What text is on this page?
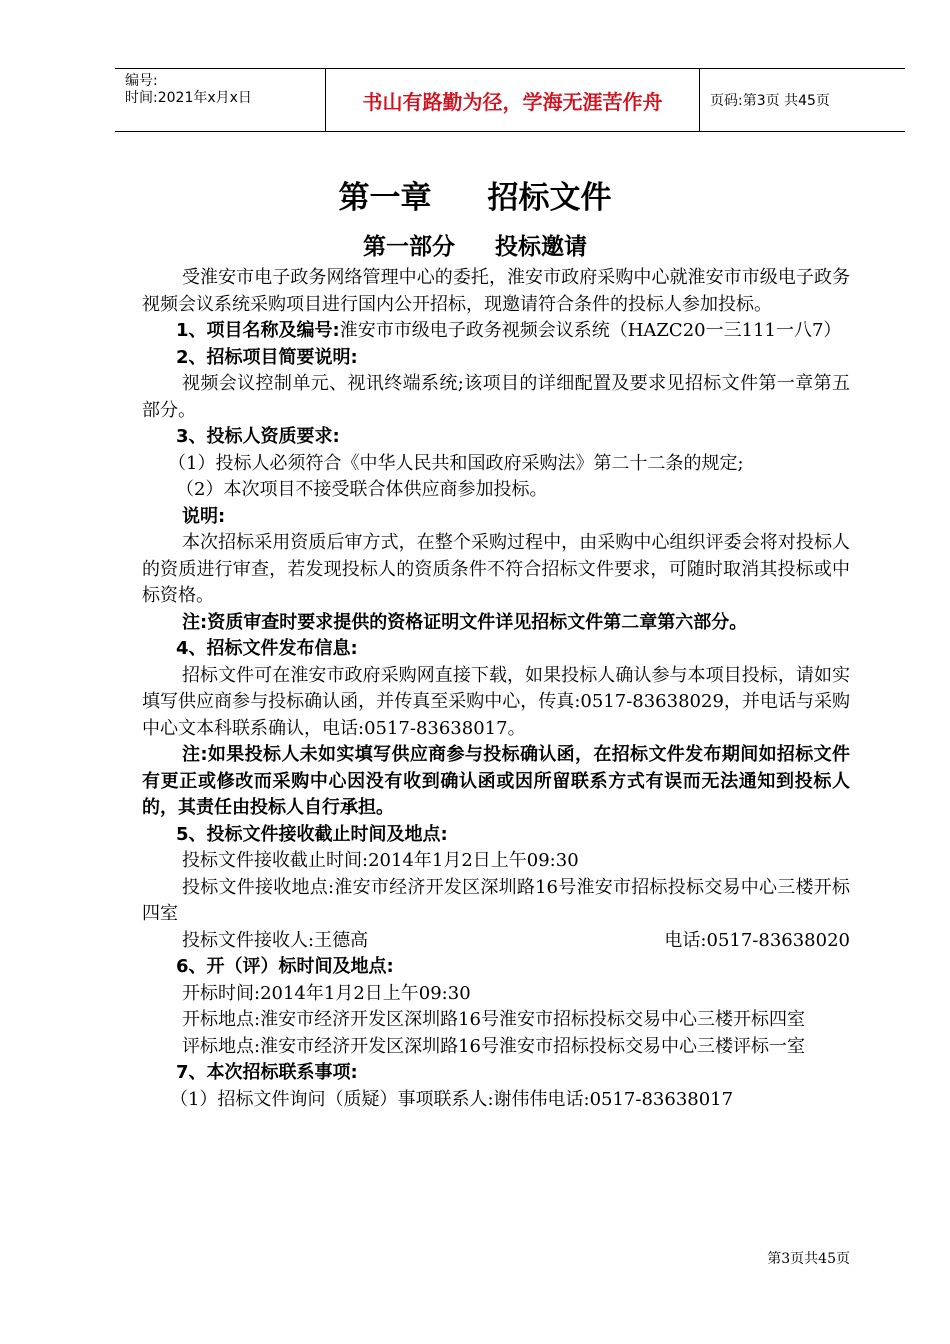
编号:
时间:2021年x月x日	书山有路勤为径，学海无涯苦作舟	页码:第3页 共45页
第一章 招标文件
第一部分 投标邀请

受淮安市电子政务网络管理中心的委托，淮安市政府采购中心就淮安市市级电子政务视频会议系统采购项目进行国内公开招标，现邀请符合条件的投标人参加投标。

1、项目名称及编号:淮安市市级电子政务视频会议系统（HAZC20一三111一八7）

2、招标项目简要说明:

视频会议控制单元、视讯终端系统;该项目的详细配置及要求见招标文件第一章第五部分。

3、投标人资质要求:

（1）投标人必须符合《中华人民共和国政府采购法》第二十二条的规定;

（2）本次项目不接受联合体供应商参加投标。

说明:

本次招标采用资质后审方式，在整个采购过程中，由采购中心组织评委会将对投标人的资质进行审查，若发现投标人的资质条件不符合招标文件要求，可随时取消其投标或中标资格。

注:资质审查时要求提供的资格证明文件详见招标文件第二章第六部分。

4、招标文件发布信息:

招标文件可在淮安市政府采购网直接下载，如果投标人确认参与本项目投标，请如实填写供应商参与投标确认函，并传真至采购中心，传真:0517-83638029，并电话与采购中心文本科联系确认，电话:0517-83638017。

注:如果投标人未如实填写供应商参与投标确认函，在招标文件发布期间如招标文件有更正或修改而采购中心因没有收到确认函或因所留联系方式有误而无法通知到投标人的，其责任由投标人自行承担。

5、投标文件接收截止时间及地点:

投标文件接收截止时间:2014年1月2日上午09:30

投标文件接收地点:淮安市经济开发区深圳路16号淮安市招标投标交易中心三楼开标四室

投标文件接收人:王德高	电话:0517-83638020

6、开（评）标时间及地点:

开标时间:2014年1月2日上午09:30

开标地点:淮安市经济开发区深圳路16号淮安市招标投标交易中心三楼开标四室

评标地点:淮安市经济开发区深圳路16号淮安市招标投标交易中心三楼评标一室

7、本次招标联系事项:

（1）招标文件询问（质疑）事项联系人:谢伟伟电话:0517-83638017

第3页共45页
